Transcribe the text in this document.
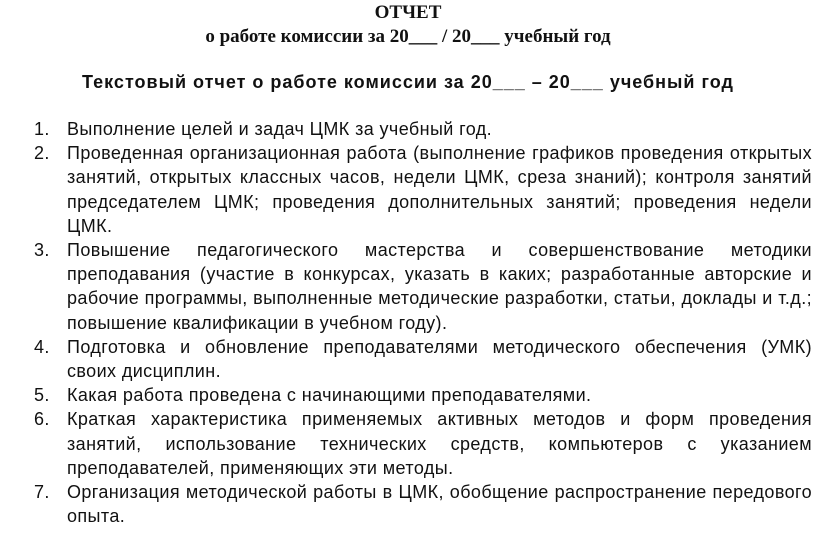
ОТЧЕТ
о работе комиссии за 20___ / 20___ учебный год
Текстовый отчет о работе комиссии за 20___ – 20___ учебный год
1. Выполнение целей и задач ЦМК за учебный год.
2. Проведенная организационная работа (выполнение графиков проведения открытых занятий, открытых классных часов, недели ЦМК, среза знаний); контроля занятий председателем ЦМК; проведения дополнительных занятий; проведения недели ЦМК.
3. Повышение педагогического мастерства и совершенствование методики преподавания (участие в конкурсах, указать в каких; разработанные авторские и рабочие программы, выполненные методические разработки, статьи, доклады и т.д.; повышение квалификации в учебном году).
4. Подготовка и обновление преподавателями методического обеспечения (УМК) своих дисциплин.
5. Какая работа проведена с начинающими преподавателями.
6. Краткая характеристика применяемых активных методов и форм проведения занятий, использование технических средств, компьютеров с указанием преподавателей, применяющих эти методы.
7. Организация методической работы в ЦМК, обобщение распространение передового опыта.
